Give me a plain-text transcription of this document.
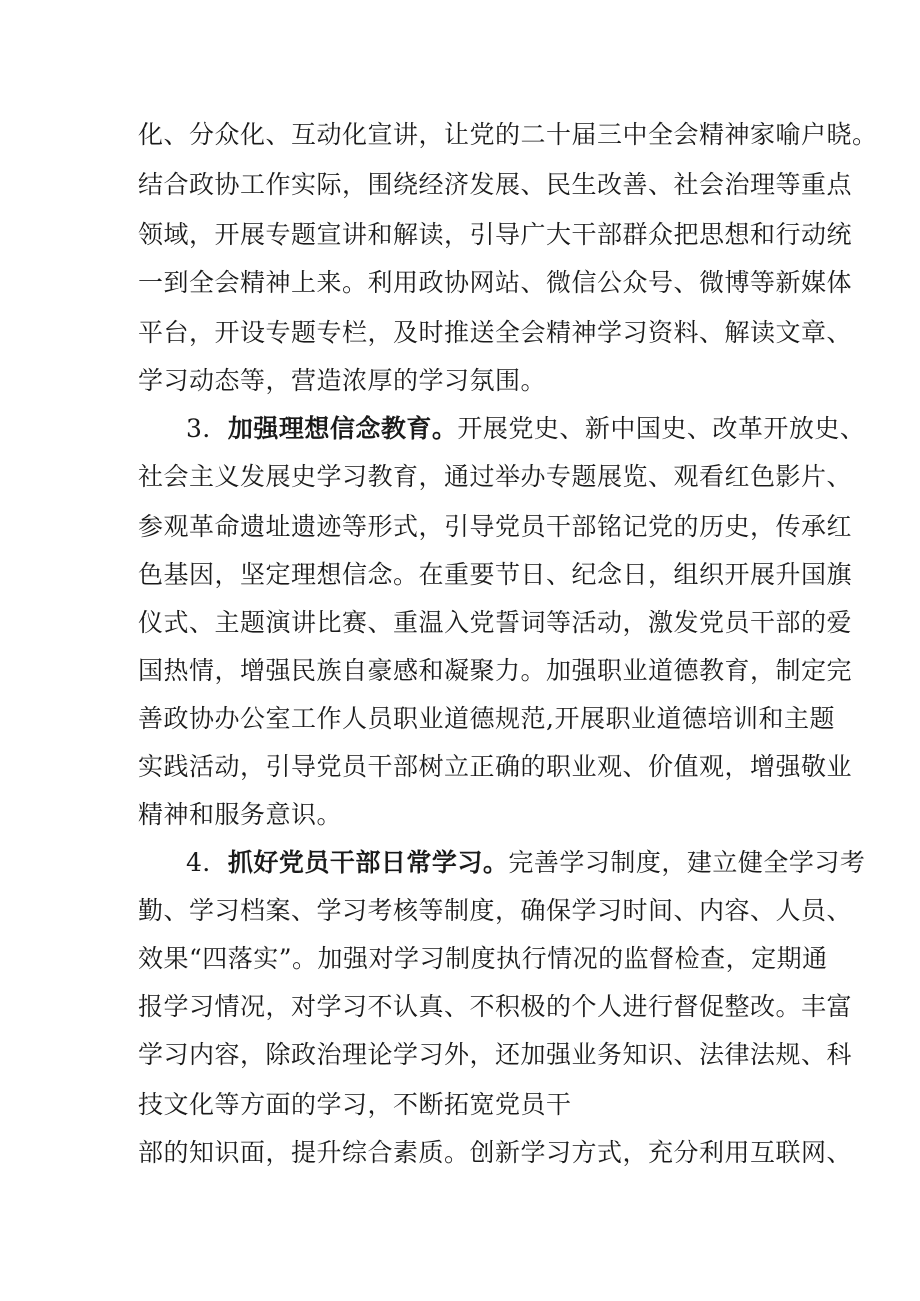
化、分众化、互动化宣讲，让党的二十届三中全会精神家喻户晓。
结合政协工作实际，围绕经济发展、民生改善、社会治理等重点
领域，开展专题宣讲和解读，引导广大干部群众把思想和行动统
一到全会精神上来。利用政协网站、微信公众号、微博等新媒体
平台，开设专题专栏，及时推送全会精神学习资料、解读文章、
学习动态等，营造浓厚的学习氛围。
3．加强理想信念教育。开展党史、新中国史、改革开放史、
社会主义发展史学习教育，通过举办专题展览、观看红色影片、
参观革命遗址遗迹等形式，引导党员干部铭记党的历史，传承红
色基因，坚定理想信念。在重要节日、纪念日，组织开展升国旗
仪式、主题演讲比赛、重温入党誓词等活动，激发党员干部的爱
国热情，增强民族自豪感和凝聚力。加强职业道德教育，制定完
善政协办公室工作人员职业道德规范,开展职业道德培训和主题
实践活动，引导党员干部树立正确的职业观、价值观，增强敬业
精神和服务意识。
4．抓好党员干部日常学习。完善学习制度，建立健全学习考
勤、学习档案、学习考核等制度，确保学习时间、内容、人员、
效果“四落实”。加强对学习制度执行情况的监督检查，定期通
报学习情况，对学习不认真、不积极的个人进行督促整改。丰富
学习内容，除政治理论学习外，还加强业务知识、法律法规、科
技文化等方面的学习，不断拓宽党员干
部的知识面，提升综合素质。创新学习方式，充分利用互联网、
